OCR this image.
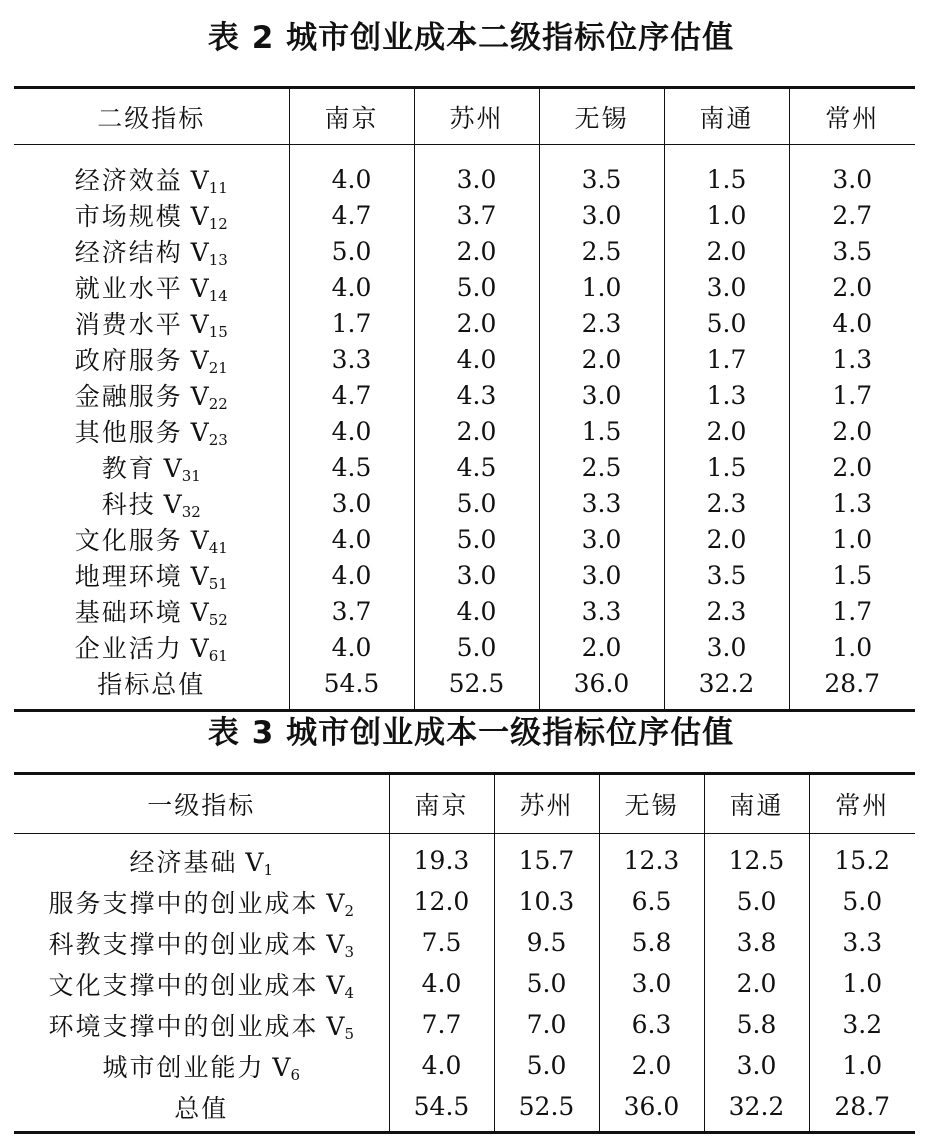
表 2 城市创业成本二级指标位序估值
二级指标	南京	苏州	无锡	南通	常州
经济效益 $V_{11}$	4.0	3.0	3.5	1.5	3.0
市场规模 $V_{12}$	4.7	3.7	3.0	1.0	2.7
经济结构 $V_{13}$	5.0	2.0	2.5	2.0	3.5
就业水平 $V_{14}$	4.0	5.0	1.0	3.0	2.0
消费水平 $V_{15}$	1.7	2.0	2.3	5.0	4.0
政府服务 $V_{21}$	3.3	4.0	2.0	1.7	1.3
金融服务 $V_{22}$	4.7	4.3	3.0	1.3	1.7
其他服务 $V_{23}$	4.0	2.0	1.5	2.0	2.0
教育 $V_{31}$	4.5	4.5	2.5	1.5	2.0
科技 $V_{32}$	3.0	5.0	3.3	2.3	1.3
文化服务 $V_{41}$	4.0	5.0	3.0	2.0	1.0
地理环境 $V_{51}$	4.0	3.0	3.0	3.5	1.5
基础环境 $V_{52}$	3.7	4.0	3.3	2.3	1.7
企业活力 $V_{61}$	4.0	5.0	2.0	3.0	1.0
指标总值	54.5	52.5	36.0	32.2	28.7
表 3 城市创业成本一级指标位序估值
一级指标	南京	苏州	无锡	南通	常州
经济基础 $V_1$	19.3	15.7	12.3	12.5	15.2
服务支撑中的创业成本 $V_2$	12.0	10.3	6.5	5.0	5.0
科教支撑中的创业成本 $V_3$	7.5	9.5	5.8	3.8	3.3
文化支撑中的创业成本 $V_4$	4.0	5.0	3.0	2.0	1.0
环境支撑中的创业成本 $V_5$	7.7	7.0	6.3	5.8	3.2
城市创业能力 $V_6$	4.0	5.0	2.0	3.0	1.0
总值	54.5	52.5	36.0	32.2	28.7
